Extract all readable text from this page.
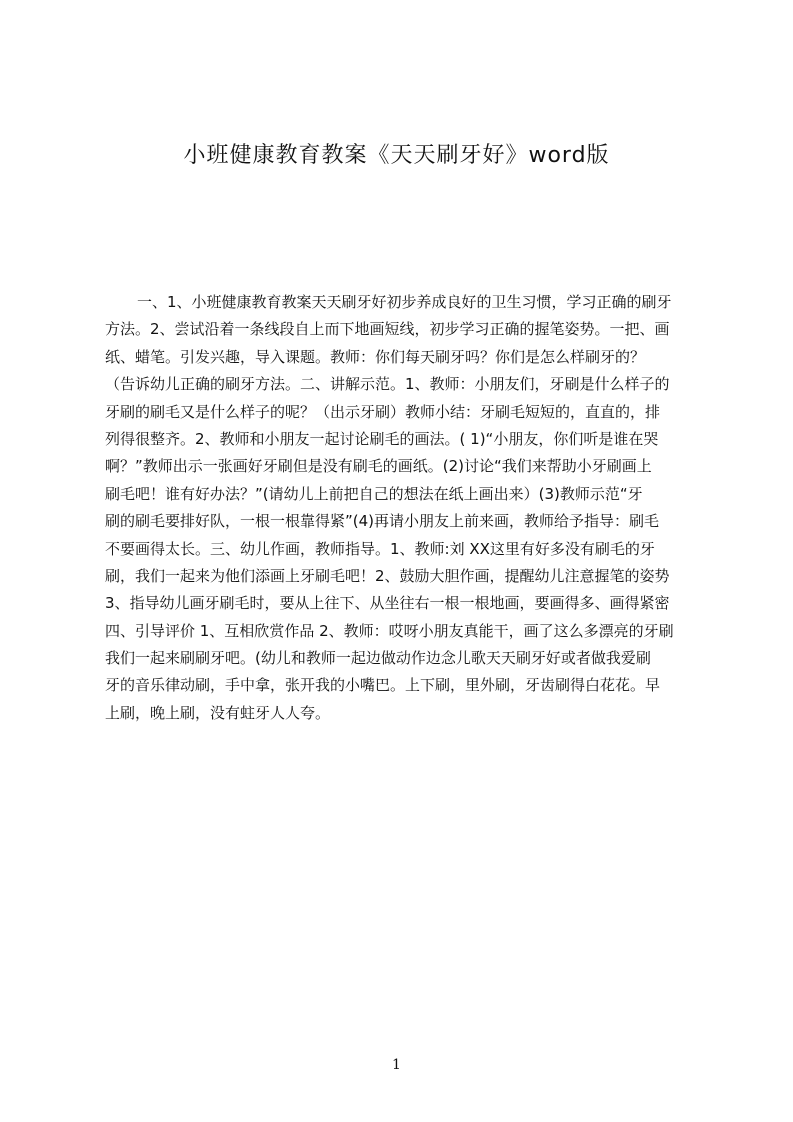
小班健康教育教案《天天刷牙好》word版
一、1、小班健康教育教案天天刷牙好初步养成良好的卫生习惯，学习正确的刷牙
方法。2、尝试沿着一条线段自上而下地画短线，初步学习正确的握笔姿势。一把、画
纸、蜡笔。引发兴趣，导入课题。教师：你们每天刷牙吗？你们是怎么样刷牙的？
（告诉幼儿正确的刷牙方法。二、讲解示范。1、教师：小朋友们，牙刷是什么样子的
牙刷的刷毛又是什么样子的呢？（出示牙刷）教师小结：牙刷毛短短的，直直的，排
列得很整齐。2、教师和小朋友一起讨论刷毛的画法。( 1)“小朋友，你们听是谁在哭
啊？”教师出示一张画好牙刷但是没有刷毛的画纸。(2)讨论“我们来帮助小牙刷画上
刷毛吧！谁有好办法？”(请幼儿上前把自己的想法在纸上画出来）(3)教师示范“牙
刷的刷毛要排好队，一根一根靠得紧”(4)再请小朋友上前来画，教师给予指导：刷毛
不要画得太长。三、幼儿作画，教师指导。1、教师:刘 XX这里有好多没有刷毛的牙
刷，我们一起来为他们添画上牙刷毛吧！2、鼓励大胆作画，提醒幼儿注意握笔的姿势
3、指导幼儿画牙刷毛时，要从上往下、从坐往右一根一根地画，要画得多、画得紧密
四、引导评价 1、互相欣赏作品 2、教师：哎呀小朋友真能干，画了这么多漂亮的牙刷
我们一起来刷刷牙吧。(幼儿和教师一起边做动作边念儿歌天天刷牙好或者做我爱刷
牙的音乐律动刷，手中拿，张开我的小嘴巴。上下刷，里外刷，牙齿刷得白花花。早
上刷，晚上刷，没有蛀牙人人夸。
1
